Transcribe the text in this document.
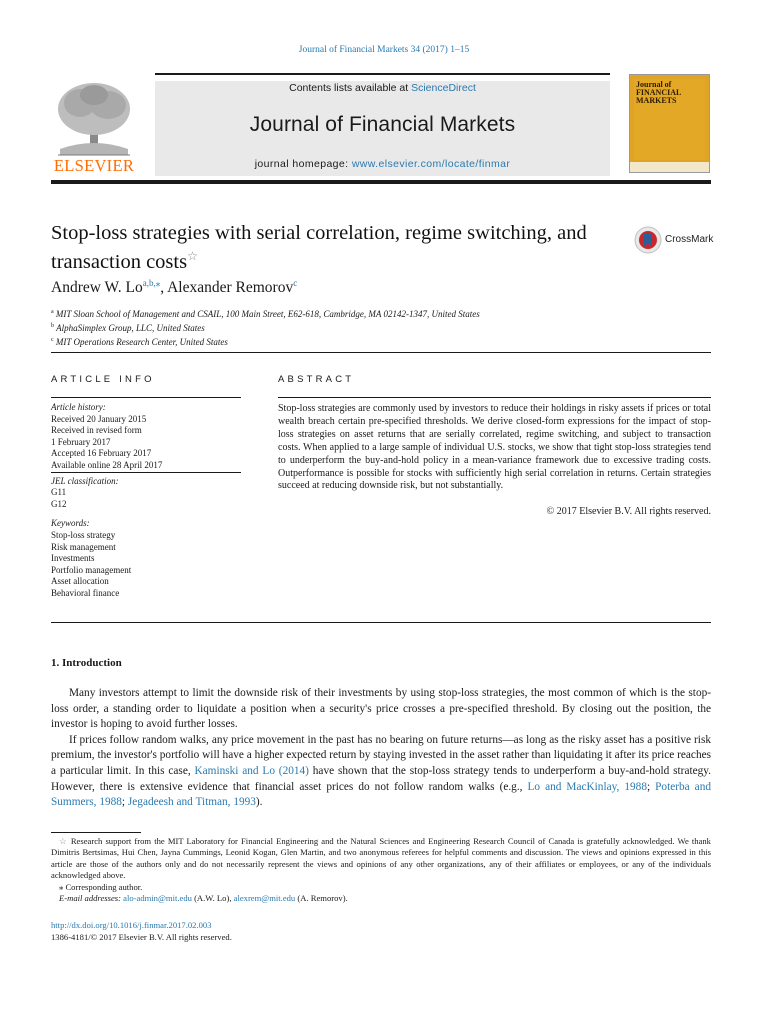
Journal of Financial Markets 34 (2017) 1–15
ELSEVIER
Contents lists available at ScienceDirect
Journal of Financial Markets
journal homepage: www.elsevier.com/locate/finmar
Journal of FINANCIAL MARKETS
Stop-loss strategies with serial correlation, regime switching, and transaction costs☆
CrossMark
Andrew W. $Lo^{a,b,⁎}$, Alexander Remorov$^c$
$^a$ MIT Sloan School of Management and CSAIL, 100 Main Street, E62-618, Cambridge, MA 02142-1347, United States
$^b$ AlphaSimplex Group, LLC, United States
$^c$ MIT Operations Research Center, United States
ARTICLE INFO	ABSTRACT
Article history:
Received 20 January 2015
Received in revised form
1 February 2017
Accepted 16 February 2017
Available online 28 April 2017
JEL classification:
G11
G12
Keywords:
Stop-loss strategy
Risk management
Investments
Portfolio management
Asset allocation
Behavioral finance
Stop-loss strategies are commonly used by investors to reduce their holdings in risky assets if prices or total wealth breach certain pre-specified thresholds. We derive closed-form expressions for the impact of stop-loss strategies on asset returns that are serially correlated, regime switching, and subject to transaction costs. When applied to a large sample of individual U.S. stocks, we show that tight stop-loss strategies tend to underperform the buy-and-hold policy in a mean-variance framework due to excessive trading costs. Outperformance is possible for stocks with sufficiently high serial correlation in returns. Certain strategies succeed at reducing downside risk, but not substantially.
© 2017 Elsevier B.V. All rights reserved.
1. Introduction

Many investors attempt to limit the downside risk of their investments by using stop-loss strategies, the most common of which is the stop-loss order, a standing order to liquidate a position when a security's price crosses a pre-specified threshold. By closing out the position, the investor is hoping to avoid further losses.

If prices follow random walks, any price movement in the past has no bearing on future returns—as long as the risky asset has a positive risk premium, the investor's portfolio will have a higher expected return by staying invested in the asset rather than liquidating it after its price reaches a particular limit. In this case, Kaminski and Lo (2014) have shown that the stop-loss strategy tends to underperform a buy-and-hold strategy. However, there is extensive evidence that financial asset prices do not follow random walks (e.g., Lo and MacKinlay, 1988; Poterba and Summers, 1988; Jegadeesh and Titman, 1993).

☆ Research support from the MIT Laboratory for Financial Engineering and the Natural Sciences and Engineering Research Council of Canada is gratefully acknowledged. We thank Dimitris Bertsimas, Hui Chen, Jayna Cummings, Leonid Kogan, Glen Martin, and two anonymous referees for helpful comments and discussion. The views and opinions expressed in this article are those of the authors only and do not necessarily represent the views and opinions of any other organizations, any of their affiliates or employees, or any of the individuals acknowledged above.
⁎ Corresponding author.
E-mail addresses: alo-admin@mit.edu (A.W. Lo), alexrem@mit.edu (A. Remorov).
http://dx.doi.org/10.1016/j.finmar.2017.02.003
1386-4181/© 2017 Elsevier B.V. All rights reserved.
